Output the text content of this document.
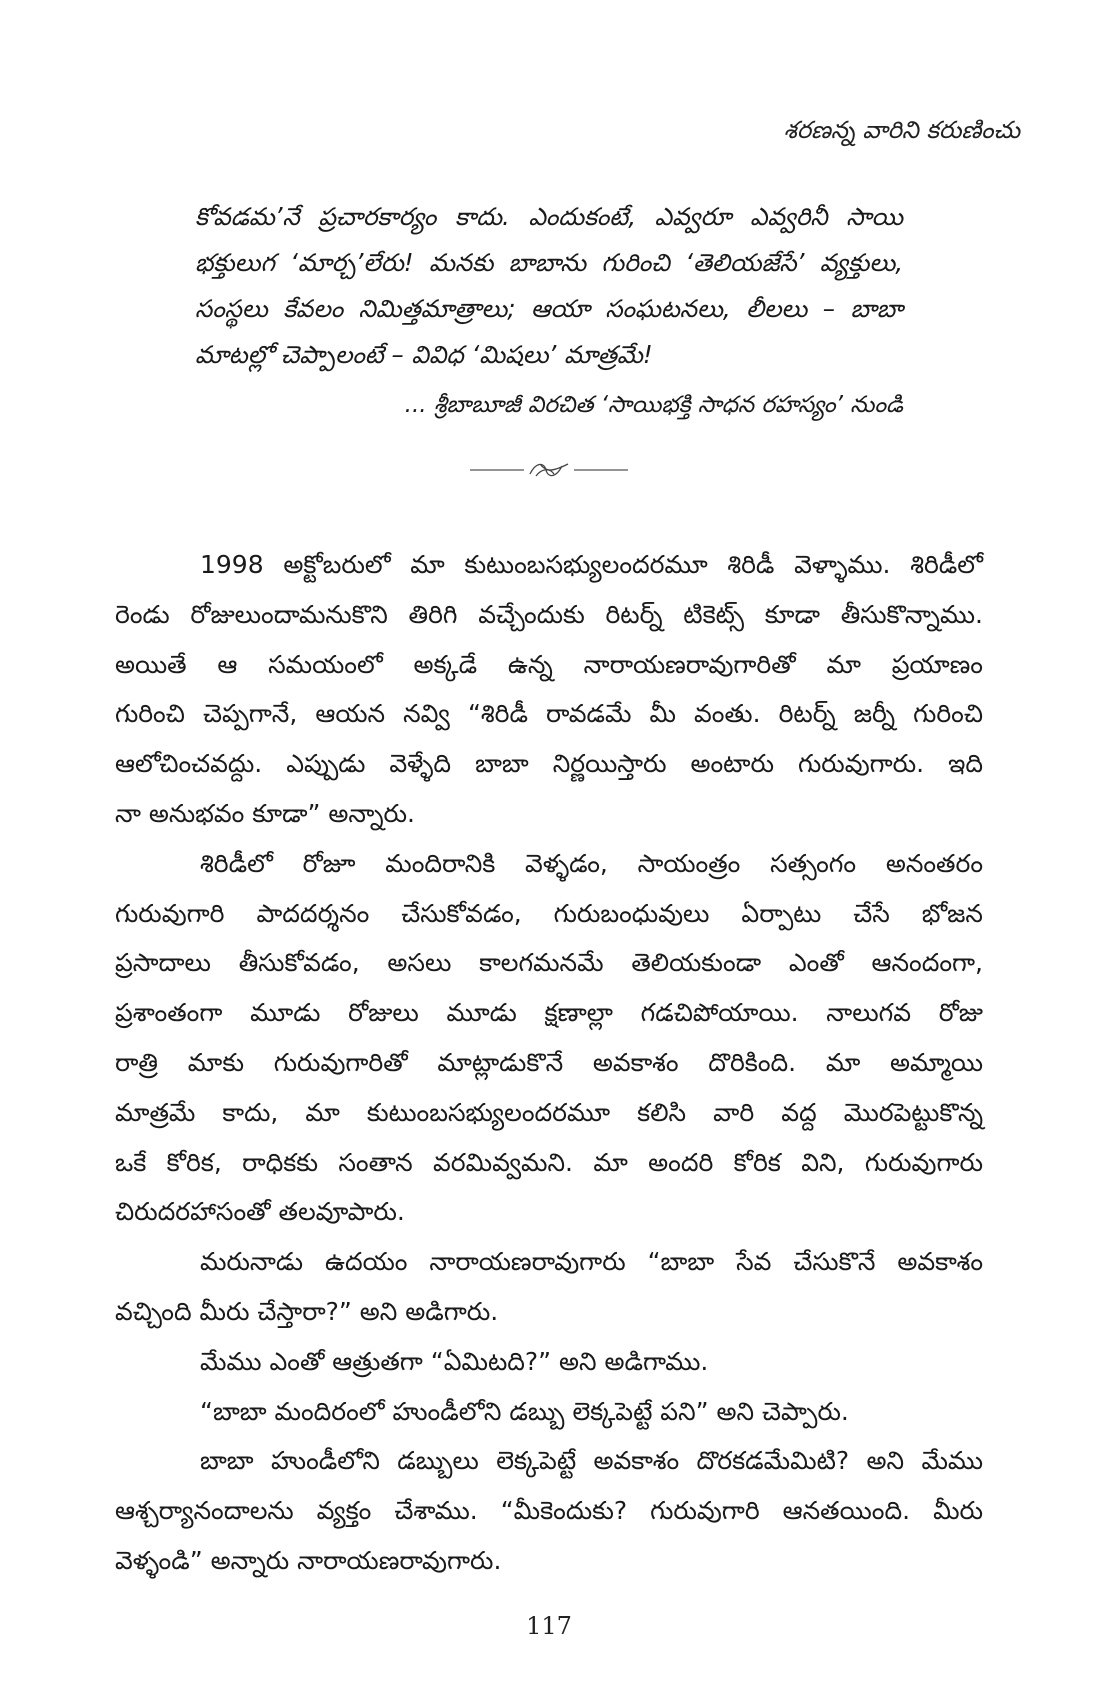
శరణన్న వారిని కరుణించు
కోవడమ’నే ప్రచారకార్యం కాదు. ఎందుకంటే, ఎవ్వరూ ఎవ్వరినీ సాయి
భక్తులుగ ‘మార్చ’లేరు! మనకు బాబాను గురించి ‘తెలియజేసే’ వ్యక్తులు,
సంస్థలు కేవలం నిమిత్తమాత్రాలు; ఆయా సంఘటనలు, లీలలు – బాబా
మాటల్లో చెప్పాలంటే – వివిధ ‘మిషలు’ మాత్రమే!
... శ్రీబాబూజీ విరచిత ‘సాయిభక్తి సాధన రహస్యం’ నుండి
1998 అక్టోబరులో మా కుటుంబసభ్యులందరమూ శిరిడీ వెళ్ళాము. శిరిడీలో
రెండు రోజులుందామనుకొని తిరిగి వచ్చేందుకు రిటర్న్ టికెట్స్ కూడా తీసుకొన్నాము.
అయితే ఆ సమయంలో అక్కడే ఉన్న నారాయణరావుగారితో మా ప్రయాణం
గురించి చెప్పగానే, ఆయన నవ్వి “శిరిడీ రావడమే మీ వంతు. రిటర్న్ జర్నీ గురించి
ఆలోచించవద్దు. ఎప్పుడు వెళ్ళేది బాబా నిర్ణయిస్తారు అంటారు గురువుగారు. ఇది
నా అనుభవం కూడా” అన్నారు.
శిరిడీలో రోజూ మందిరానికి వెళ్ళడం, సాయంత్రం సత్సంగం అనంతరం
గురువుగారి పాదదర్శనం చేసుకోవడం, గురుబంధువులు ఏర్పాటు చేసే భోజన
ప్రసాదాలు తీసుకోవడం, అసలు కాలగమనమే తెలియకుండా ఎంతో ఆనందంగా,
ప్రశాంతంగా మూడు రోజులు మూడు క్షణాల్లా గడచిపోయాయి. నాలుగవ రోజు
రాత్రి మాకు గురువుగారితో మాట్లాడుకొనే అవకాశం దొరికింది. మా అమ్మాయి
మాత్రమే కాదు, మా కుటుంబసభ్యులందరమూ కలిసి వారి వద్ద మొరపెట్టుకొన్న
ఒకే కోరిక, రాధికకు సంతాన వరమివ్వమని. మా అందరి కోరిక విని, గురువుగారు
చిరుదరహాసంతో తలవూపారు.
మరునాడు ఉదయం నారాయణరావుగారు “బాబా సేవ చేసుకొనే అవకాశం
వచ్చింది మీరు చేస్తారా?” అని అడిగారు.
మేము ఎంతో ఆత్రుతగా “ఏమిటది?” అని అడిగాము.
“బాబా మందిరంలో హుండీలోని డబ్బు లెక్కపెట్టే పని” అని చెప్పారు.
బాబా హుండీలోని డబ్బులు లెక్కపెట్టే అవకాశం దొరకడమేమిటి? అని మేము
ఆశ్చర్యానందాలను వ్యక్తం చేశాము. “మీకెందుకు? గురువుగారి ఆనతయింది. మీరు
వెళ్ళండి” అన్నారు నారాయణరావుగారు.
117
